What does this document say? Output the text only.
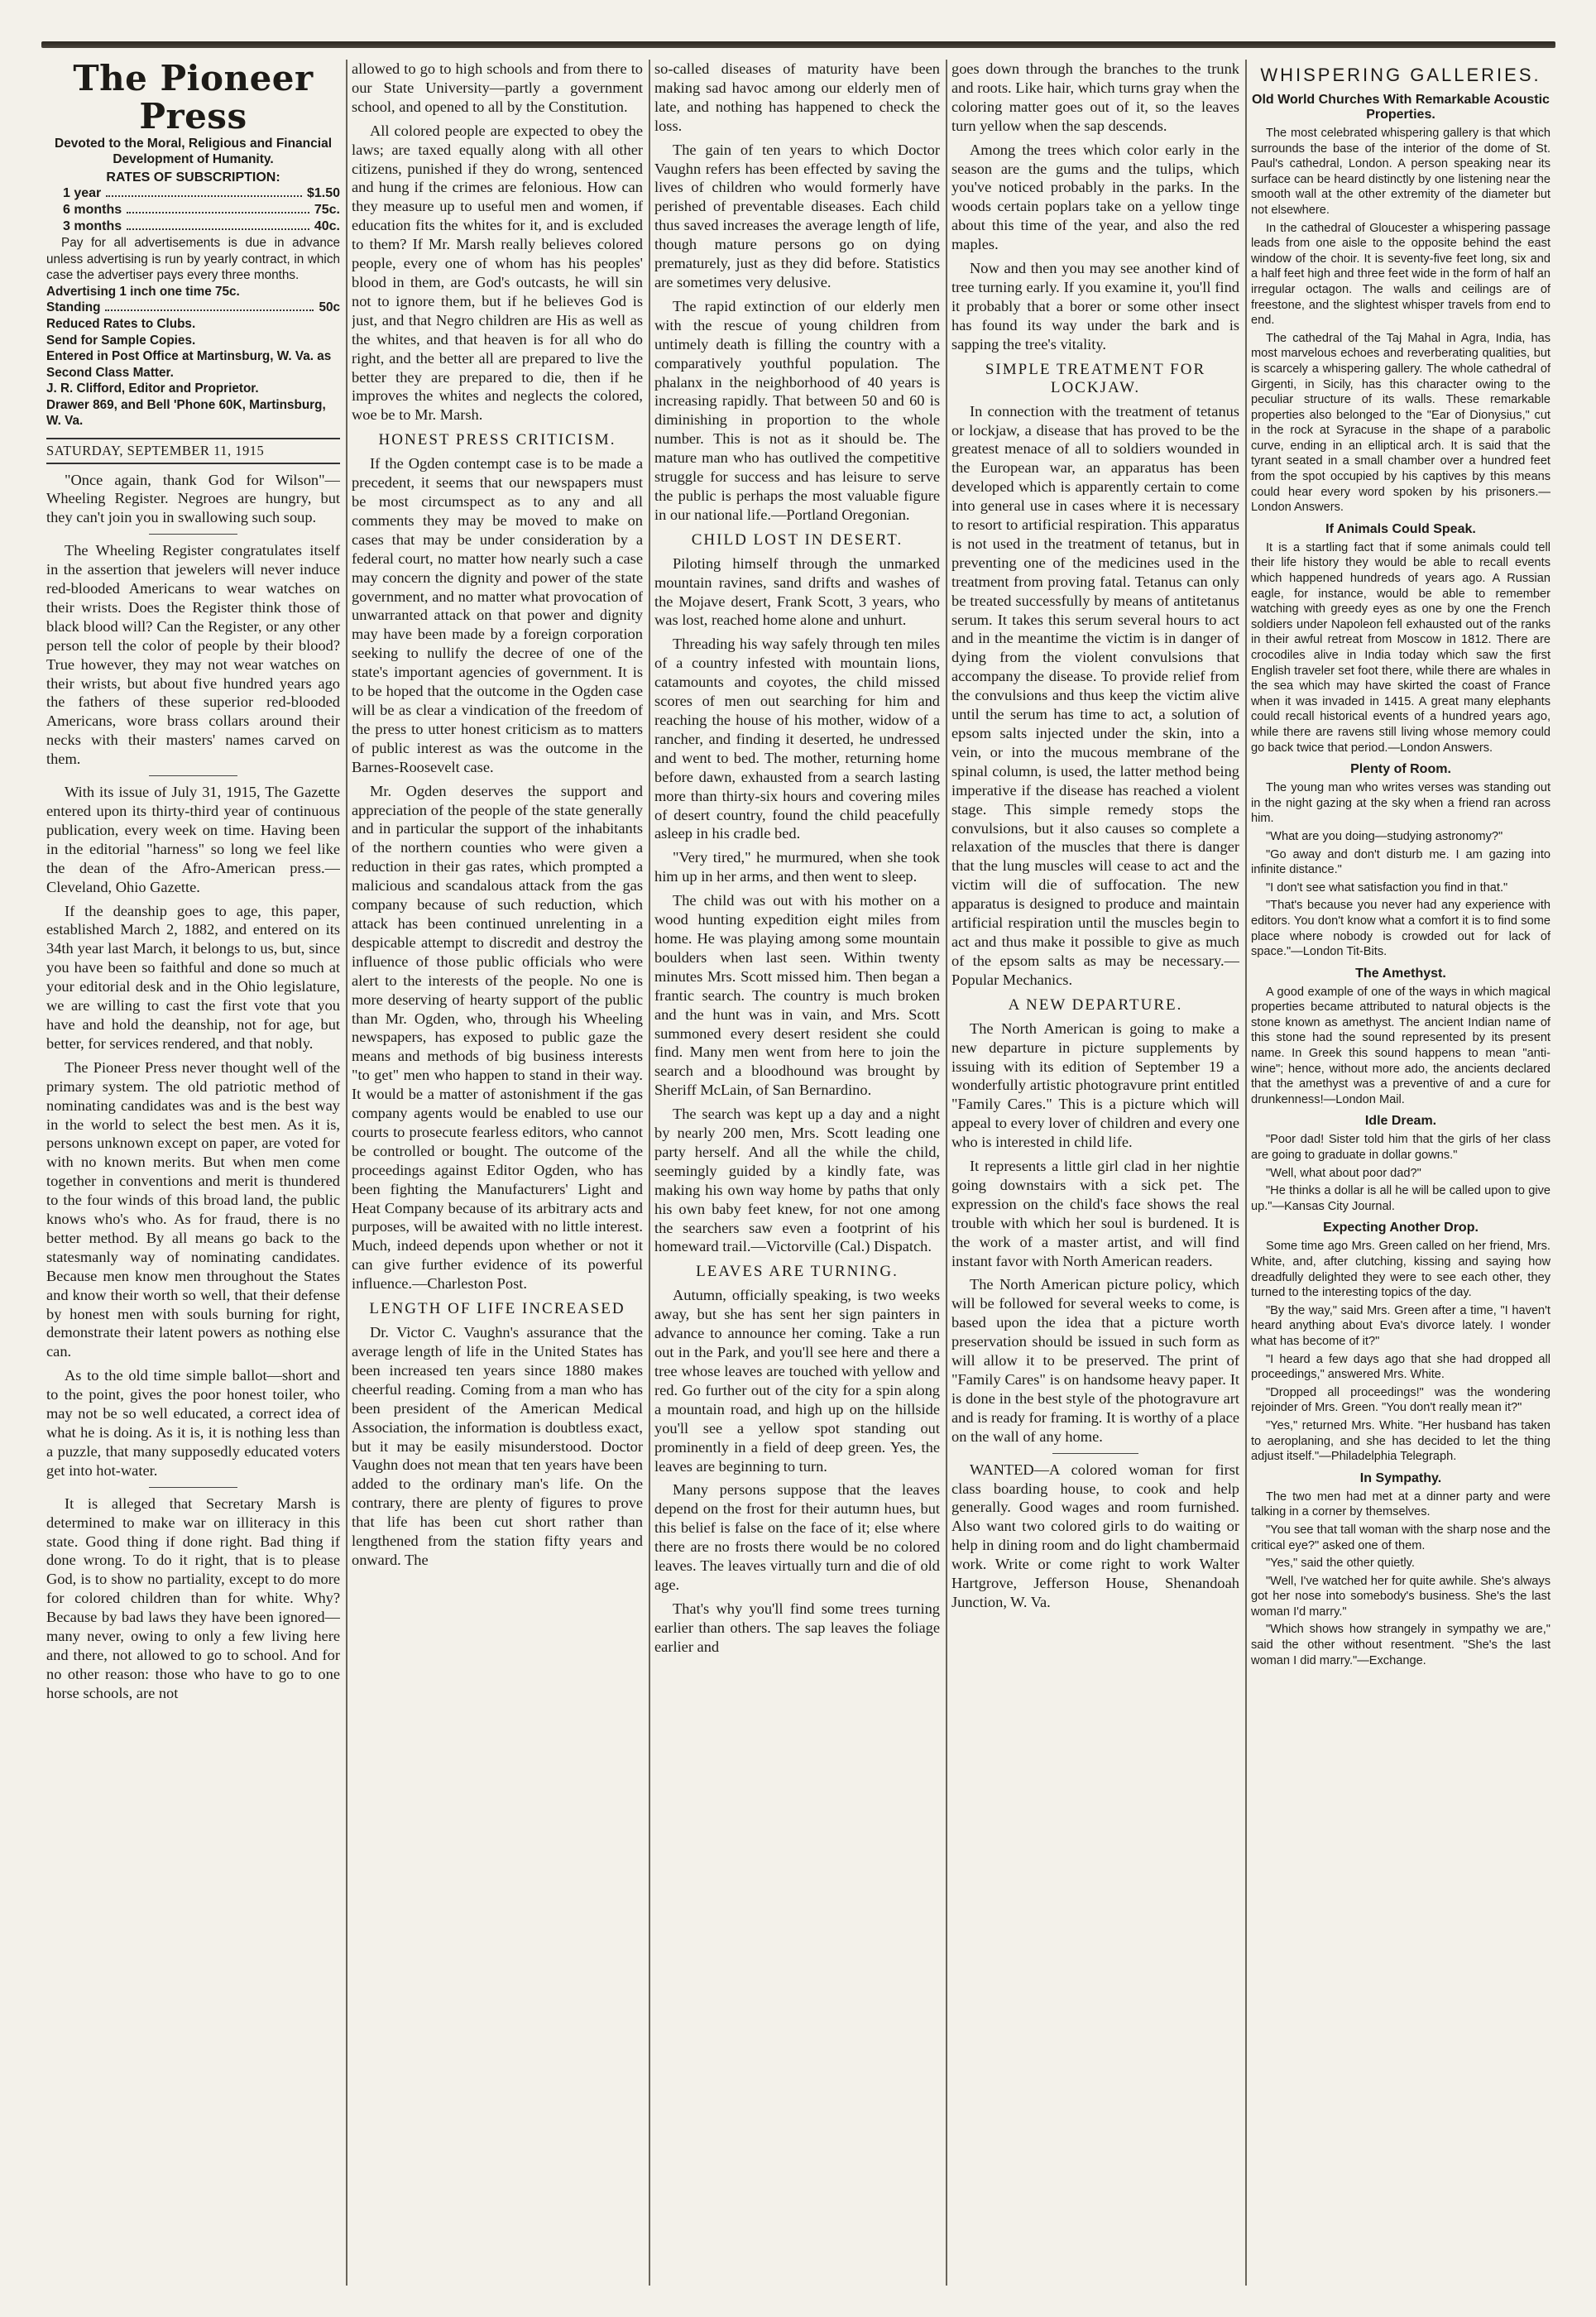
The Pioneer Press
Devoted to the Moral, Religious and Financial Development of Humanity.
RATES OF SUBSCRIPTION:
1 year	$1.50
6 months	75c.
3 months	40c.

Pay for all advertisements is due in advance unless advertising is run by yearly contract, in which case the advertiser pays every three months.

Advertising 1 inch one time 75c.

Standing	50c

Reduced Rates to Clubs.

Send for Sample Copies.

Entered in Post Office at Martinsburg, W. Va. as Second Class Matter.

J. R. Clifford, Editor and Proprietor.

Drawer 869, and Bell 'Phone 60K, Martinsburg, W. Va.

SATURDAY, SEPTEMBER 11, 1915

"Once again, thank God for Wilson"—Wheeling Register. Negroes are hungry, but they can't join you in swallowing such soup.

The Wheeling Register congratulates itself in the assertion that jewelers will never induce red-blooded Americans to wear watches on their wrists. Does the Register think those of black blood will? Can the Register, or any other person tell the color of people by their blood? True however, they may not wear watches on their wrists, but about five hundred years ago the fathers of these superior red-blooded Americans, wore brass collars around their necks with their masters' names carved on them.

With its issue of July 31, 1915, The Gazette entered upon its thirty-third year of continuous publication, every week on time. Having been in the editorial "harness" so long we feel like the dean of the Afro-American press.—Cleveland, Ohio Gazette.

If the deanship goes to age, this paper, established March 2, 1882, and entered on its 34th year last March, it belongs to us, but, since you have been so faithful and done so much at your editorial desk and in the Ohio legislature, we are willing to cast the first vote that you have and hold the deanship, not for age, but better, for services rendered, and that nobly.

The Pioneer Press never thought well of the primary system. The old patriotic method of nominating candidates was and is the best way in the world to select the best men. As it is, persons unknown except on paper, are voted for with no known merits. But when men come together in conventions and merit is thundered to the four winds of this broad land, the public knows who's who. As for fraud, there is no better method. By all means go back to the statesmanly way of nominating candidates. Because men know men throughout the States and know their worth so well, that their defense by honest men with souls burning for right, demonstrate their latent powers as nothing else can.

As to the old time simple ballot—short and to the point, gives the poor honest toiler, who may not be so well educated, a correct idea of what he is doing. As it is, it is nothing less than a puzzle, that many supposedly educated voters get into hot-water.

It is alleged that Secretary Marsh is determined to make war on illiteracy in this state. Good thing if done right. Bad thing if done wrong. To do it right, that is to please God, is to show no partiality, except to do more for colored children than for white. Why? Because by bad laws they have been ignored—many never, owing to only a few living here and there, not allowed to go to school. And for no other reason: those who have to go to one horse schools, are not

allowed to go to high schools and from there to our State University—partly a government school, and opened to all by the Constitution.

All colored people are expected to obey the laws; are taxed equally along with all other citizens, punished if they do wrong, sentenced and hung if the crimes are felonious. How can they measure up to useful men and women, if education fits the whites for it, and is excluded to them? If Mr. Marsh really believes colored people, every one of whom has his peoples' blood in them, are God's outcasts, he will sin not to ignore them, but if he believes God is just, and that Negro children are His as well as the whites, and that heaven is for all who do right, and the better all are prepared to live the better they are prepared to die, then if he improves the whites and neglects the colored, woe be to Mr. Marsh.

HONEST PRESS CRITICISM.

If the Ogden contempt case is to be made a precedent, it seems that our newspapers must be most circumspect as to any and all comments they may be moved to make on cases that may be under consideration by a federal court, no matter how nearly such a case may concern the dignity and power of the state government, and no matter what provocation of unwarranted attack on that power and dignity may have been made by a foreign corporation seeking to nullify the decree of one of the state's important agencies of government. It is to be hoped that the outcome in the Ogden case will be as clear a vindication of the freedom of the press to utter honest criticism as to matters of public interest as was the outcome in the Barnes-Roosevelt case.

Mr. Ogden deserves the support and appreciation of the people of the state generally and in particular the support of the inhabitants of the northern counties who were given a reduction in their gas rates, which prompted a malicious and scandalous attack from the gas company because of such reduction, which attack has been continued unrelenting in a despicable attempt to discredit and destroy the influence of those public officials who were alert to the interests of the people. No one is more deserving of hearty support of the public than Mr. Ogden, who, through his Wheeling newspapers, has exposed to public gaze the means and methods of big business interests "to get" men who happen to stand in their way. It would be a matter of astonishment if the gas company agents would be enabled to use our courts to prosecute fearless editors, who cannot be controlled or bought. The outcome of the proceedings against Editor Ogden, who has been fighting the Manufacturers' Light and Heat Company because of its arbitrary acts and purposes, will be awaited with no little interest. Much, indeed depends upon whether or not it can give further evidence of its powerful influence.—Charleston Post.

LENGTH OF LIFE INCREASED

Dr. Victor C. Vaughn's assurance that the average length of life in the United States has been increased ten years since 1880 makes cheerful reading. Coming from a man who has been president of the American Medical Association, the information is doubtless exact, but it may be easily misunderstood. Doctor Vaughn does not mean that ten years have been added to the ordinary man's life. On the contrary, there are plenty of figures to prove that life has been cut short rather than lengthened from the station fifty years and onward. The

so-called diseases of maturity have been making sad havoc among our elderly men of late, and nothing has happened to check the loss.

The gain of ten years to which Doctor Vaughn refers has been effected by saving the lives of children who would formerly have perished of preventable diseases. Each child thus saved increases the average length of life, though mature persons go on dying prematurely, just as they did before. Statistics are sometimes very delusive.

The rapid extinction of our elderly men with the rescue of young children from untimely death is filling the country with a comparatively youthful population. The phalanx in the neighborhood of 40 years is increasing rapidly. That between 50 and 60 is diminishing in proportion to the whole number. This is not as it should be. The mature man who has outlived the competitive struggle for success and has leisure to serve the public is perhaps the most valuable figure in our national life.—Portland Oregonian.

CHILD LOST IN DESERT.

Piloting himself through the unmarked mountain ravines, sand drifts and washes of the Mojave desert, Frank Scott, 3 years, who was lost, reached home alone and unhurt.

Threading his way safely through ten miles of a country infested with mountain lions, catamounts and coyotes, the child missed scores of men out searching for him and reaching the house of his mother, widow of a rancher, and finding it deserted, he undressed and went to bed. The mother, returning home before dawn, exhausted from a search lasting more than thirty-six hours and covering miles of desert country, found the child peacefully asleep in his cradle bed.

"Very tired," he murmured, when she took him up in her arms, and then went to sleep.

The child was out with his mother on a wood hunting expedition eight miles from home. He was playing among some mountain boulders when last seen. Within twenty minutes Mrs. Scott missed him. Then began a frantic search. The country is much broken and the hunt was in vain, and Mrs. Scott summoned every desert resident she could find. Many men went from here to join the search and a bloodhound was brought by Sheriff McLain, of San Bernardino.

The search was kept up a day and a night by nearly 200 men, Mrs. Scott leading one party herself. And all the while the child, seemingly guided by a kindly fate, was making his own way home by paths that only his own baby feet knew, for not one among the searchers saw even a footprint of his homeward trail.—Victorville (Cal.) Dispatch.

LEAVES ARE TURNING.

Autumn, officially speaking, is two weeks away, but she has sent her sign painters in advance to announce her coming. Take a run out in the Park, and you'll see here and there a tree whose leaves are touched with yellow and red. Go further out of the city for a spin along a mountain road, and high up on the hillside you'll see a yellow spot standing out prominently in a field of deep green. Yes, the leaves are beginning to turn.

Many persons suppose that the leaves depend on the frost for their autumn hues, but this belief is false on the face of it; else where there are no frosts there would be no colored leaves. The leaves virtually turn and die of old age.

That's why you'll find some trees turning earlier than others. The sap leaves the foliage earlier and

goes down through the branches to the trunk and roots. Like hair, which turns gray when the coloring matter goes out of it, so the leaves turn yellow when the sap descends.

Among the trees which color early in the season are the gums and the tulips, which you've noticed probably in the parks. In the woods certain poplars take on a yellow tinge about this time of the year, and also the red maples.

Now and then you may see another kind of tree turning early. If you examine it, you'll find it probably that a borer or some other insect has found its way under the bark and is sapping the tree's vitality.

SIMPLE TREATMENT FOR LOCKJAW.

In connection with the treatment of tetanus or lockjaw, a disease that has proved to be the greatest menace of all to soldiers wounded in the European war, an apparatus has been developed which is apparently certain to come into general use in cases where it is necessary to resort to artificial respiration. This apparatus is not used in the treatment of tetanus, but in preventing one of the medicines used in the treatment from proving fatal. Tetanus can only be treated successfully by means of antitetanus serum. It takes this serum several hours to act and in the meantime the victim is in danger of dying from the violent convulsions that accompany the disease. To provide relief from the convulsions and thus keep the victim alive until the serum has time to act, a solution of epsom salts injected under the skin, into a vein, or into the mucous membrane of the spinal column, is used, the latter method being imperative if the disease has reached a violent stage. This simple remedy stops the convulsions, but it also causes so complete a relaxation of the muscles that there is danger that the lung muscles will cease to act and the victim will die of suffocation. The new apparatus is designed to produce and maintain artificial respiration until the muscles begin to act and thus make it possible to give as much of the epsom salts as may be necessary.—Popular Mechanics.

A NEW DEPARTURE.

The North American is going to make a new departure in picture supplements by issuing with its edition of September 19 a wonderfully artistic photogravure print entitled "Family Cares." This is a picture which will appeal to every lover of children and every one who is interested in child life.

It represents a little girl clad in her nightie going downstairs with a sick pet. The expression on the child's face shows the real trouble with which her soul is burdened. It is the work of a master artist, and will find instant favor with North American readers.

The North American picture policy, which will be followed for several weeks to come, is based upon the idea that a picture worth preservation should be issued in such form as will allow it to be preserved. The print of "Family Cares" is on handsome heavy paper. It is done in the best style of the photogravure art and is ready for framing. It is worthy of a place on the wall of any home.

WANTED—A colored woman for first class boarding house, to cook and help generally. Good wages and room furnished. Also want two colored girls to do waiting or help in dining room and do light chambermaid work. Write or come right to work Walter Hartgrove, Jefferson House, Shenandoah Junction, W. Va.

WHISPERING GALLERIES.
Old World Churches With Remarkable Acoustic Properties.

The most celebrated whispering gallery is that which surrounds the base of the interior of the dome of St. Paul's cathedral, London. A person speaking near its surface can be heard distinctly by one listening near the smooth wall at the other extremity of the diameter but not elsewhere.

In the cathedral of Gloucester a whispering passage leads from one aisle to the opposite behind the east window of the choir. It is seventy-five feet long, six and a half feet high and three feet wide in the form of half an irregular octagon. The walls and ceilings are of freestone, and the slightest whisper travels from end to end.

The cathedral of the Taj Mahal in Agra, India, has most marvelous echoes and reverberating qualities, but is scarcely a whispering gallery. The whole cathedral of Girgenti, in Sicily, has this character owing to the peculiar structure of its walls. These remarkable properties also belonged to the "Ear of Dionysius," cut in the rock at Syracuse in the shape of a parabolic curve, ending in an elliptical arch. It is said that the tyrant seated in a small chamber over a hundred feet from the spot occupied by his captives by this means could hear every word spoken by his prisoners.—London Answers.

If Animals Could Speak.

It is a startling fact that if some animals could tell their life history they would be able to recall events which happened hundreds of years ago. A Russian eagle, for instance, would be able to remember watching with greedy eyes as one by one the French soldiers under Napoleon fell exhausted out of the ranks in their awful retreat from Moscow in 1812. There are crocodiles alive in India today which saw the first English traveler set foot there, while there are whales in the sea which may have skirted the coast of France when it was invaded in 1415. A great many elephants could recall historical events of a hundred years ago, while there are ravens still living whose memory could go back twice that period.—London Answers.

Plenty of Room.

The young man who writes verses was standing out in the night gazing at the sky when a friend ran across him.

"What are you doing—studying astronomy?"

"Go away and don't disturb me. I am gazing into infinite distance."

"I don't see what satisfaction you find in that."

"That's because you never had any experience with editors. You don't know what a comfort it is to find some place where nobody is crowded out for lack of space."—London Tit-Bits.

The Amethyst.

A good example of one of the ways in which magical properties became attributed to natural objects is the stone known as amethyst. The ancient Indian name of this stone had the sound represented by its present name. In Greek this sound happens to mean "anti-wine"; hence, without more ado, the ancients declared that the amethyst was a preventive of and a cure for drunkenness!—London Mail.

Idle Dream.

"Poor dad! Sister told him that the girls of her class are going to graduate in dollar gowns."

"Well, what about poor dad?"

"He thinks a dollar is all he will be called upon to give up."—Kansas City Journal.

Expecting Another Drop.

Some time ago Mrs. Green called on her friend, Mrs. White, and, after clutching, kissing and saying how dreadfully delighted they were to see each other, they turned to the interesting topics of the day.

"By the way," said Mrs. Green after a time, "I haven't heard anything about Eva's divorce lately. I wonder what has become of it?"

"I heard a few days ago that she had dropped all proceedings," answered Mrs. White.

"Dropped all proceedings!" was the wondering rejoinder of Mrs. Green. "You don't really mean it?"

"Yes," returned Mrs. White. "Her husband has taken to aeroplaning, and she has decided to let the thing adjust itself."—Philadelphia Telegraph.

In Sympathy.

The two men had met at a dinner party and were talking in a corner by themselves.

"You see that tall woman with the sharp nose and the critical eye?" asked one of them.

"Yes," said the other quietly.

"Well, I've watched her for quite awhile. She's always got her nose into somebody's business. She's the last woman I'd marry."

"Which shows how strangely in sympathy we are," said the other without resentment. "She's the last woman I did marry."—Exchange.
